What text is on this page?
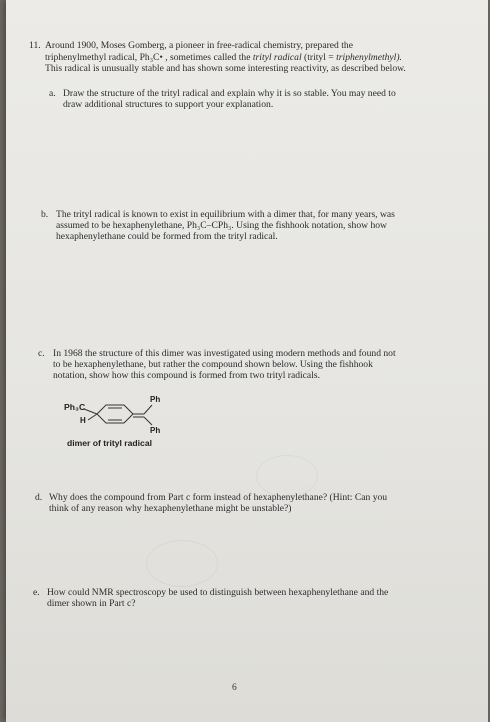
11. Around 1900, Moses Gomberg, a pioneer in free-radical chemistry, prepared the
triphenylmethyl radical, Ph₃C• , sometimes called the trityl radical (trityl = triphenylmethyl).
This radical is unusually stable and has shown some interesting reactivity, as described below.
a. Draw the structure of the trityl radical and explain why it is so stable. You may need to
draw additional structures to support your explanation.
b. The trityl radical is known to exist in equilibrium with a dimer that, for many years, was
assumed to be hexaphenylethane, Ph₃C–CPh₃. Using the fishhook notation, show how
hexaphenylethane could be formed from the trityl radical.
c. In 1968 the structure of this dimer was investigated using modern methods and found not
to be hexaphenylethane, but rather the compound shown below. Using the fishhook
notation, show how this compound is formed from two trityl radicals.
Ph₃C
H
Ph
Ph
dimer of trityl radical
d. Why does the compound from Part c form instead of hexaphenylethane? (Hint: Can you
think of any reason why hexaphenylethane might be unstable?)
e. How could NMR spectroscopy be used to distinguish between hexaphenylethane and the
dimer shown in Part c?
6
